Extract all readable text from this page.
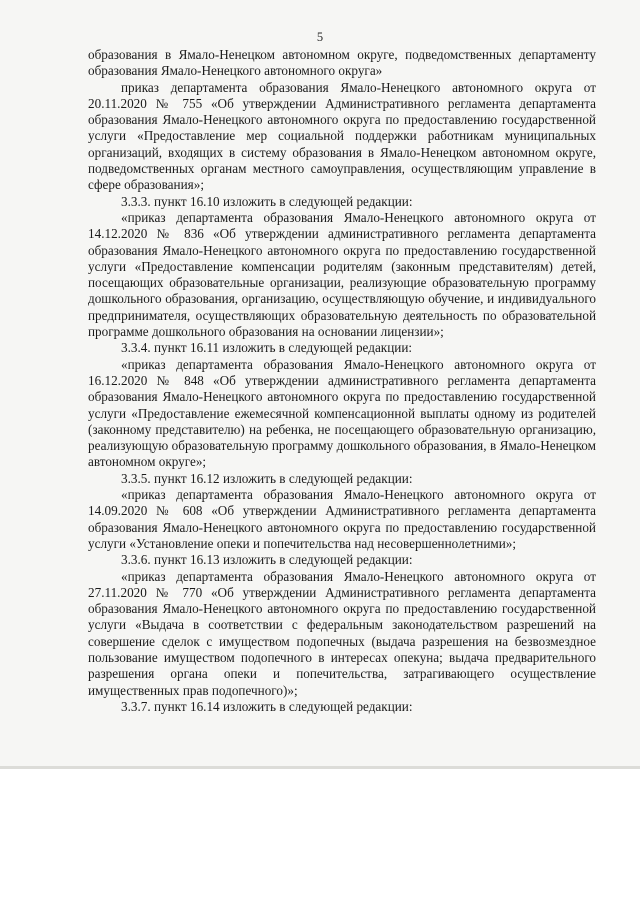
5

образования в Ямало-Ненецком автономном округе, подведомственных департаменту образования Ямало-Ненецкого автономного округа»

приказ департамента образования Ямало-Ненецкого автономного округа от 20.11.2020 № 755 «Об утверждении Административного регламента департамента образования Ямало-Ненецкого автономного округа по предоставлению государственной услуги «Предоставление мер социальной поддержки работникам муниципальных организаций, входящих в систему образования в Ямало-Ненецком автономном округе, подведомственных органам местного самоуправления, осуществляющим управление в сфере образования»;

3.3.3. пункт 16.10 изложить в следующей редакции:

«приказ департамента образования Ямало-Ненецкого автономного округа от 14.12.2020 № 836 «Об утверждении административного регламента департамента образования Ямало-Ненецкого автономного округа по предоставлению государственной услуги «Предоставление компенсации родителям (законным представителям) детей, посещающих образовательные организации, реализующие образовательную программу дошкольного образования, организацию, осуществляющую обучение, и индивидуального предпринимателя, осуществляющих образовательную деятельность по образовательной программе дошкольного образования на основании лицензии»;

3.3.4. пункт 16.11 изложить в следующей редакции:

«приказ департамента образования Ямало-Ненецкого автономного округа от 16.12.2020 № 848 «Об утверждении административного регламента департамента образования Ямало-Ненецкого автономного округа по предоставлению государственной услуги «Предоставление ежемесячной компенсационной выплаты одному из родителей (законному представителю) на ребенка, не посещающего образовательную организацию, реализующую образовательную программу дошкольного образования, в Ямало-Ненецком автономном округе»;

3.3.5. пункт 16.12 изложить в следующей редакции:

«приказ департамента образования Ямало-Ненецкого автономного округа от 14.09.2020 № 608 «Об утверждении Административного регламента департамента образования Ямало-Ненецкого автономного округа по предоставлению государственной услуги «Установление опеки и попечительства над несовершеннолетними»;

3.3.6. пункт 16.13 изложить в следующей редакции:

«приказ департамента образования Ямало-Ненецкого автономного округа от 27.11.2020 № 770 «Об утверждении Административного регламента департамента образования Ямало-Ненецкого автономного округа по предоставлению государственной услуги «Выдача в соответствии с федеральным законодательством разрешений на совершение сделок с имуществом подопечных (выдача разрешения на безвозмездное пользование имуществом подопечного в интересах опекуна; выдача предварительного разрешения органа опеки и попечительства, затрагивающего осуществление имущественных прав подопечного)»;

3.3.7. пункт 16.14 изложить в следующей редакции:
